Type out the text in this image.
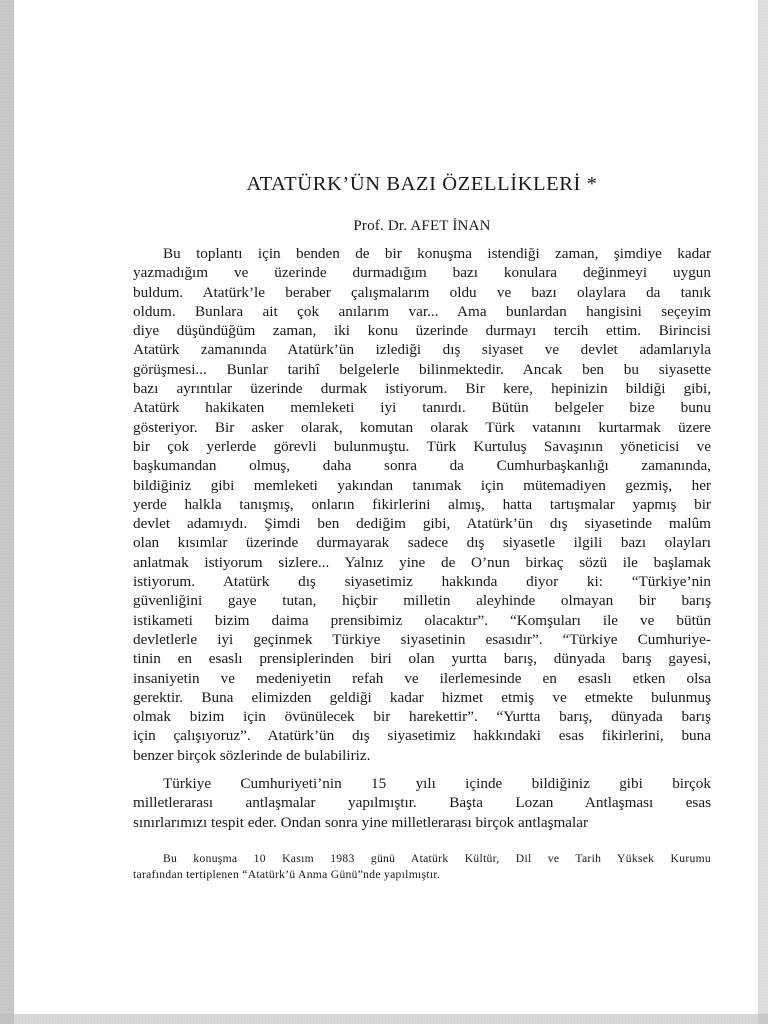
ATATÜRK’ÜN BAZI ÖZELLİKLERİ *
Prof. Dr. AFET İNAN
Bu toplantı için benden de bir konuşma istendiği zaman, şimdiye kadar
yazmadığım ve üzerinde durmadığım bazı konulara değinmeyi uygun
buldum. Atatürk’le beraber çalışmalarım oldu ve bazı olaylara da tanık
oldum. Bunlara ait çok anılarım var... Ama bunlardan hangisini seçeyim
diye düşündüğüm zaman, iki konu üzerinde durmayı tercih ettim. Birincisi
Atatürk zamanında Atatürk’ün izlediği dış siyaset ve devlet adamlarıyla
görüşmesi... Bunlar tarihî belgelerle bilinmektedir. Ancak ben bu siyasette
bazı ayrıntılar üzerinde durmak istiyorum. Bir kere, hepinizin bildiği gibi,
Atatürk hakikaten memleketi iyi tanırdı. Bütün belgeler bize bunu
gösteriyor. Bir asker olarak, komutan olarak Türk vatanını kurtarmak üzere
bir çok yerlerde görevli bulunmuştu. Türk Kurtuluş Savaşının yöneticisi ve
başkumandan olmuş, daha sonra da Cumhurbaşkanlığı zamanında,
bildiğiniz gibi memleketi yakından tanımak için mütemadiyen gezmiş, her
yerde halkla tanışmış, onların fikirlerini almış, hatta tartışmalar yapmış bir
devlet adamıydı. Şimdi ben dediğim gibi, Atatürk’ün dış siyasetinde malûm
olan kısımlar üzerinde durmayarak sadece dış siyasetle ilgili bazı olayları
anlatmak istiyorum sizlere... Yalnız yine de O’nun birkaç sözü ile başlamak
istiyorum. Atatürk dış siyasetimiz hakkında diyor ki: “Türkiye’nin
güvenliğini gaye tutan, hiçbir milletin aleyhinde olmayan bir barış
istikameti bizim daima prensibimiz olacaktır”. “Komşuları ile ve bütün
devletlerle iyi geçinmek Türkiye siyasetinin esasıdır”. “Türkiye Cumhuriye-
tinin en esaslı prensiplerinden biri olan yurtta barış, dünyada barış gayesi,
insaniyetin ve medeniyetin refah ve ilerlemesinde en esaslı etken olsa
gerektir. Buna elimizden geldiği kadar hizmet etmiş ve etmekte bulunmuş
olmak bizim için övünülecek bir harekettir”. “Yurtta barış, dünyada barış
için çalışıyoruz”. Atatürk’ün dış siyasetimiz hakkındaki esas fikirlerini, buna
benzer birçok sözlerinde de bulabiliriz.
Türkiye Cumhuriyeti’nin 15 yılı içinde bildiğiniz gibi birçok
milletlerarası antlaşmalar yapılmıştır. Başta Lozan Antlaşması esas
sınırlarımızı tespit eder. Ondan sonra yine milletlerarası birçok antlaşmalar
Bu konuşma 10 Kasım 1983 günü Atatürk Kültür, Dil ve Tarih Yüksek Kurumu
tarafından tertiplenen “Atatürk’ü Anma Günü”nde yapılmıştır.
